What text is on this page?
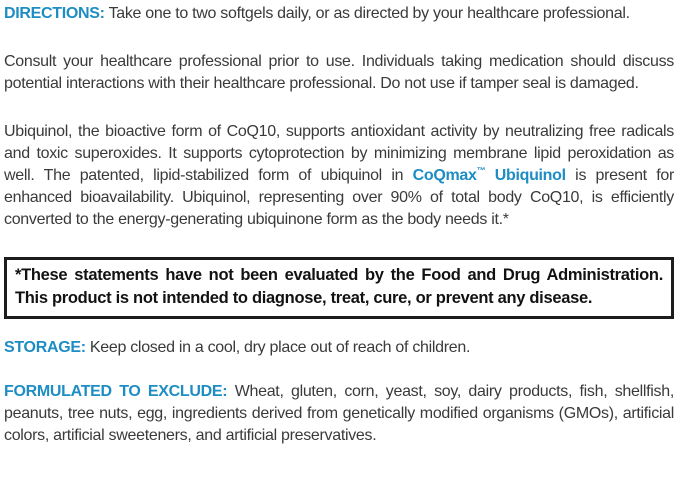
DIRECTIONS: Take one to two softgels daily, or as directed by your healthcare professional.

Consult your healthcare professional prior to use. Individuals taking medication should discuss potential interactions with their healthcare professional. Do not use if tamper seal is damaged.

Ubiquinol, the bioactive form of CoQ10, supports antioxidant activity by neutralizing free radicals and toxic superoxides. It supports cytoprotection by minimizing membrane lipid peroxidation as well. The patented, lipid-stabilized form of ubiquinol in CoQmax™ Ubiquinol is present for enhanced bioavailability. Ubiquinol, representing over 90% of total body CoQ10, is efficiently converted to the energy-generating ubiquinone form as the body needs it.*

*These statements have not been evaluated by the Food and Drug Administration. This product is not intended to diagnose, treat, cure, or prevent any disease.

STORAGE: Keep closed in a cool, dry place out of reach of children.

FORMULATED TO EXCLUDE: Wheat, gluten, corn, yeast, soy, dairy products, fish, shellfish, peanuts, tree nuts, egg, ingredients derived from genetically modified organisms (GMOs), artificial colors, artificial sweeteners, and artificial preservatives.
